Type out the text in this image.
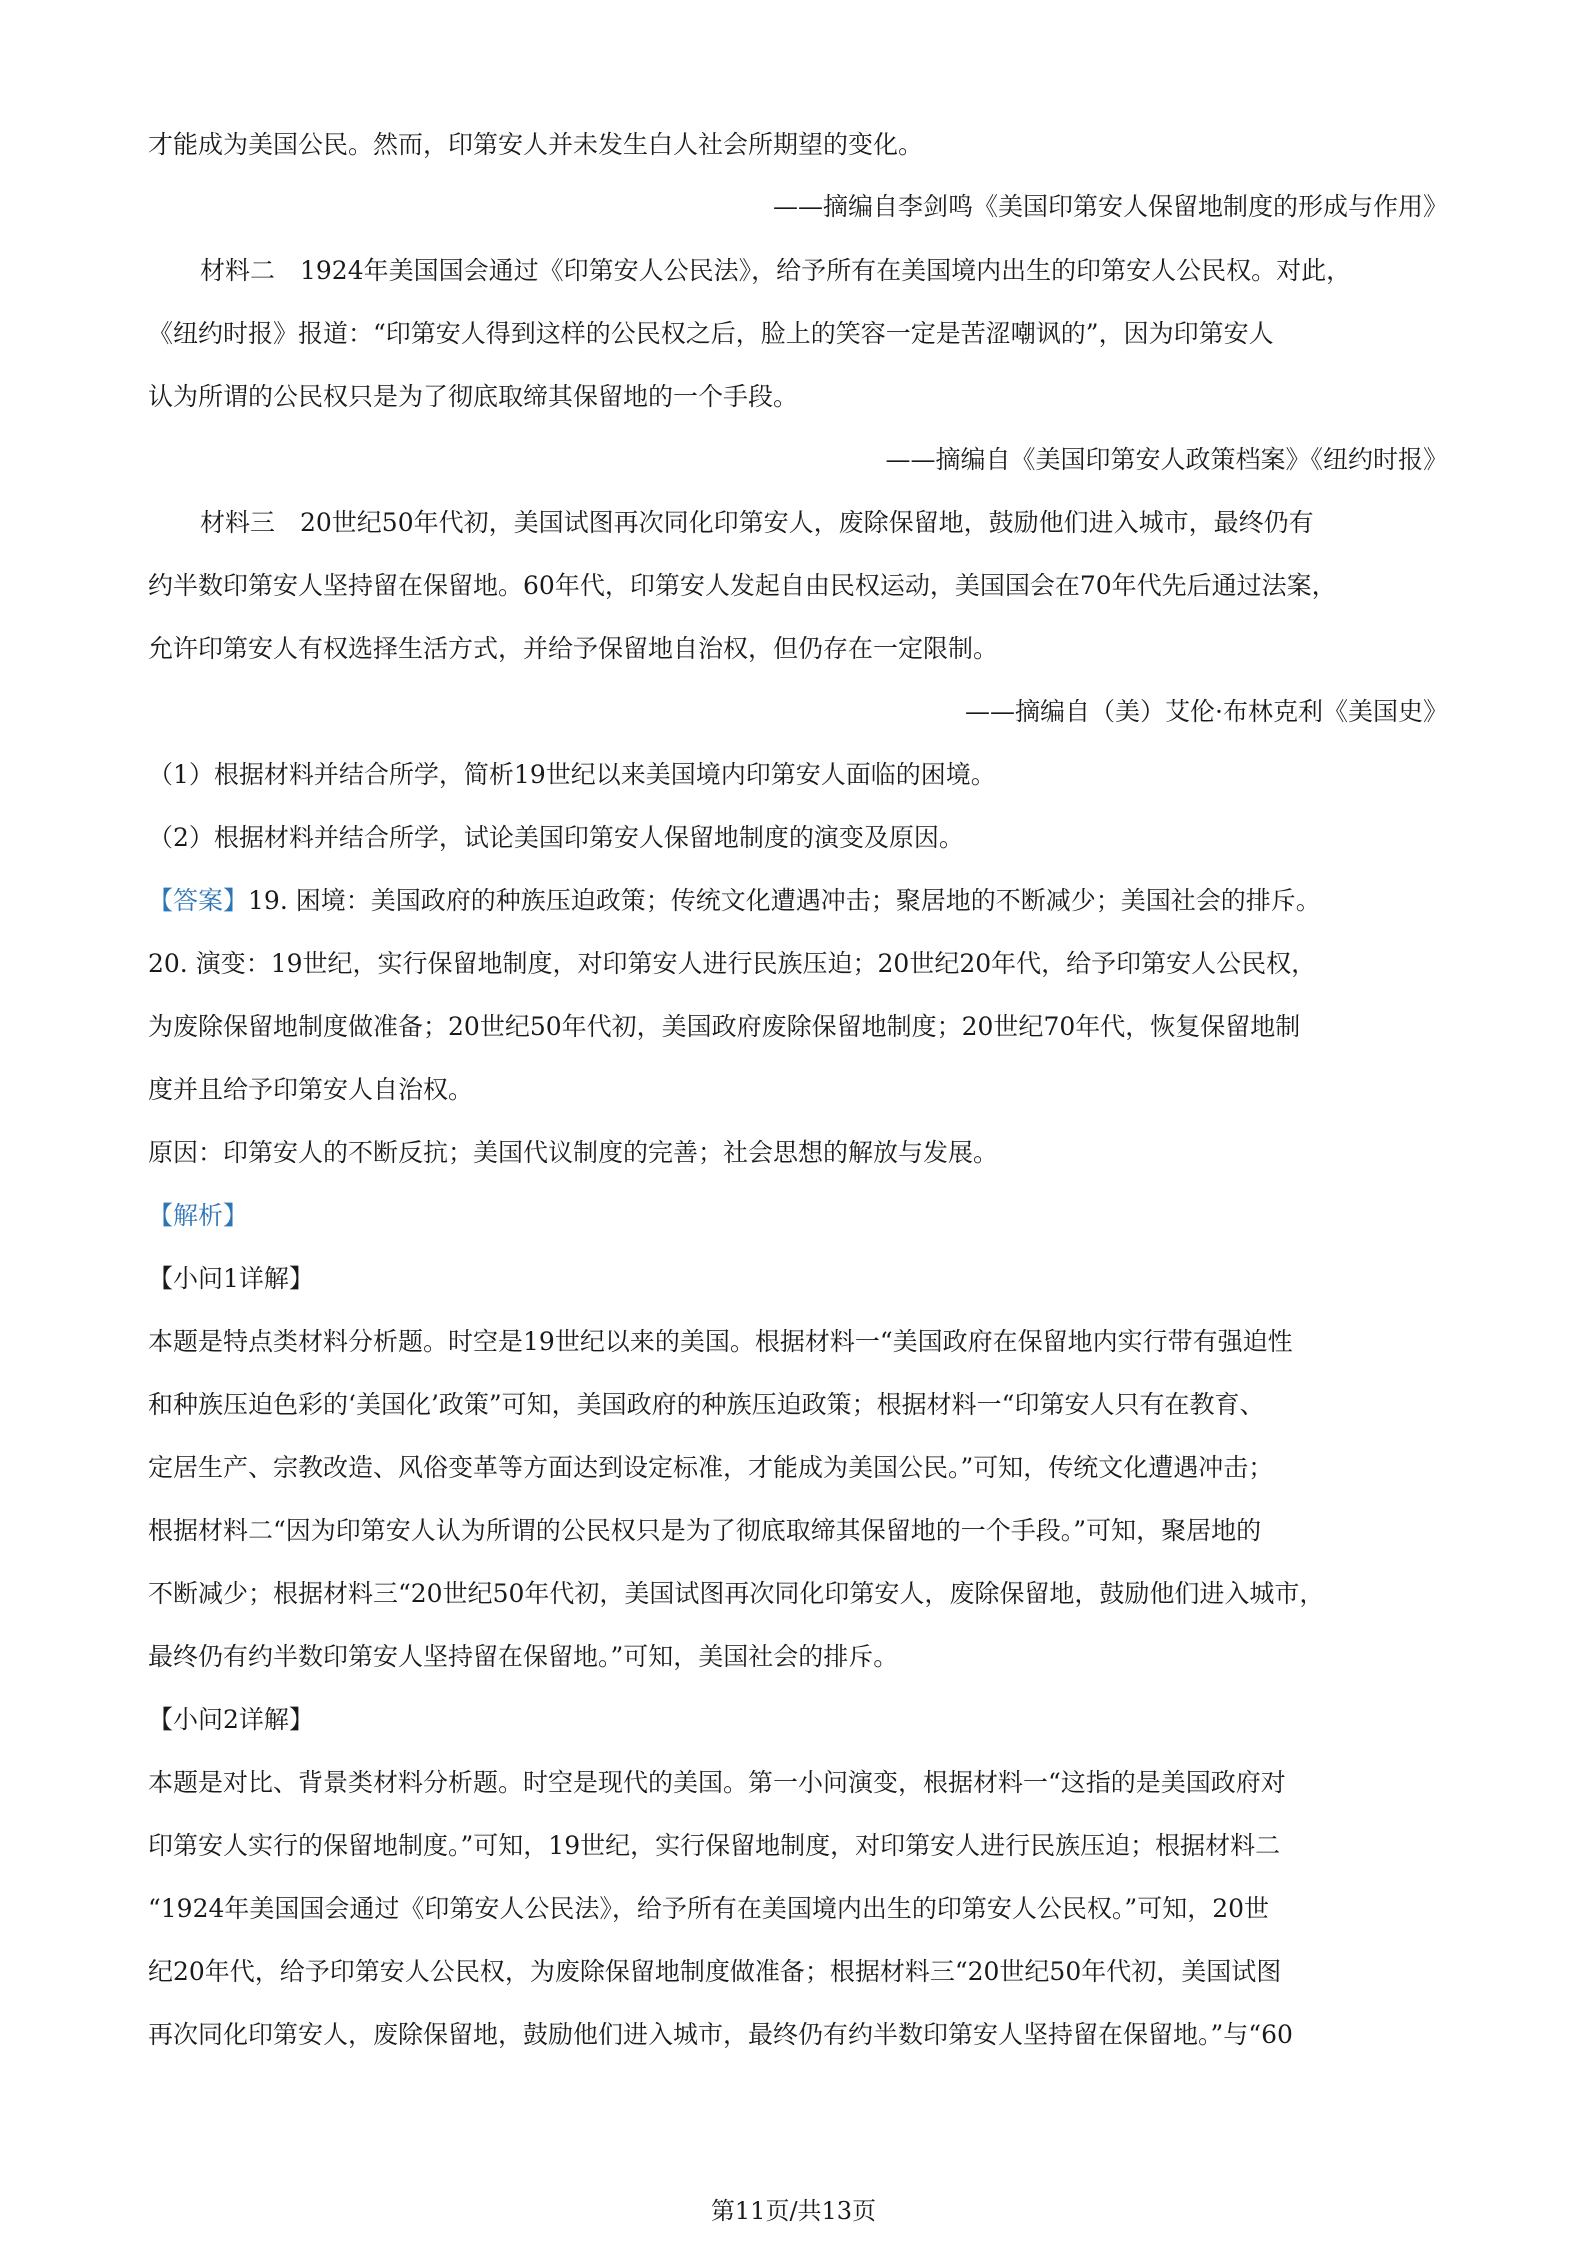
才能成为美国公民。然而，印第安人并未发生白人社会所期望的变化。
——摘编自李剑鸣《美国印第安人保留地制度的形成与作用》
材料二　1924年美国国会通过《印第安人公民法》，给予所有在美国境内出生的印第安人公民权。对此，
《纽约时报》报道：“印第安人得到这样的公民权之后，脸上的笑容一定是苦涩嘲讽的”，因为印第安人
认为所谓的公民权只是为了彻底取缔其保留地的一个手段。
——摘编自《美国印第安人政策档案》《纽约时报》
材料三　20世纪50年代初，美国试图再次同化印第安人，废除保留地，鼓励他们进入城市，最终仍有
约半数印第安人坚持留在保留地。60年代，印第安人发起自由民权运动，美国国会在70年代先后通过法案，
允许印第安人有权选择生活方式，并给予保留地自治权，但仍存在一定限制。
——摘编自（美）艾伦·布林克利《美国史》
（1）根据材料并结合所学，简析19世纪以来美国境内印第安人面临的困境。
（2）根据材料并结合所学，试论美国印第安人保留地制度的演变及原因。
【答案】19. 困境：美国政府的种族压迫政策；传统文化遭遇冲击；聚居地的不断减少；美国社会的排斥。
20. 演变：19世纪，实行保留地制度，对印第安人进行民族压迫；20世纪20年代，给予印第安人公民权，
为废除保留地制度做准备；20世纪50年代初，美国政府废除保留地制度；20世纪70年代，恢复保留地制
度并且给予印第安人自治权。
原因：印第安人的不断反抗；美国代议制度的完善；社会思想的解放与发展。
【解析】
【小问1详解】
本题是特点类材料分析题。时空是19世纪以来的美国。根据材料一“美国政府在保留地内实行带有强迫性
和种族压迫色彩的‘美国化’政策”可知，美国政府的种族压迫政策；根据材料一“印第安人只有在教育、
定居生产、宗教改造、风俗变革等方面达到设定标准，才能成为美国公民。”可知，传统文化遭遇冲击；
根据材料二“因为印第安人认为所谓的公民权只是为了彻底取缔其保留地的一个手段。”可知，聚居地的
不断减少；根据材料三“20世纪50年代初，美国试图再次同化印第安人，废除保留地，鼓励他们进入城市，
最终仍有约半数印第安人坚持留在保留地。”可知，美国社会的排斥。
【小问2详解】
本题是对比、背景类材料分析题。时空是现代的美国。第一小问演变，根据材料一“这指的是美国政府对
印第安人实行的保留地制度。”可知，19世纪，实行保留地制度，对印第安人进行民族压迫；根据材料二
“1924年美国国会通过《印第安人公民法》，给予所有在美国境内出生的印第安人公民权。”可知，20世
纪20年代，给予印第安人公民权，为废除保留地制度做准备；根据材料三“20世纪50年代初，美国试图
再次同化印第安人，废除保留地，鼓励他们进入城市，最终仍有约半数印第安人坚持留在保留地。”与“60
第11页/共13页
